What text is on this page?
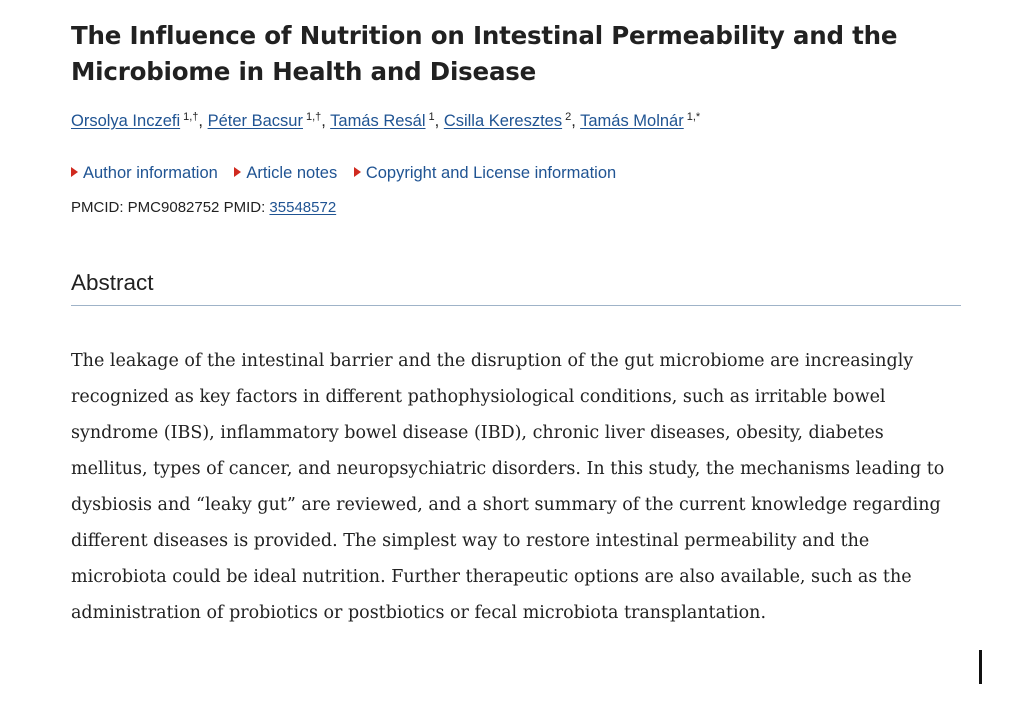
The Influence of Nutrition on Intestinal Permeability and the Microbiome in Health and Disease
Orsolya Inczefi $^{1,\dagger}$, Péter Bacsur $^{1,\dagger}$, Tamás Resál $^1$, Csilla Keresztes $^2$, Tamás Molnár $^{1,*}$
Author information Article notes Copyright and License information
PMCID: PMC9082752 PMID: 35548572
Abstract

The leakage of the intestinal barrier and the disruption of the gut microbiome are increasingly recognized as key factors in different pathophysiological conditions, such as irritable bowel syndrome (IBS), inflammatory bowel disease (IBD), chronic liver diseases, obesity, diabetes mellitus, types of cancer, and neuropsychiatric disorders. In this study, the mechanisms leading to dysbiosis and “leaky gut” are reviewed, and a short summary of the current knowledge regarding different diseases is provided. The simplest way to restore intestinal permeability and the microbiota could be ideal nutrition. Further therapeutic options are also available, such as the administration of probiotics or postbiotics or fecal microbiota transplantation.
